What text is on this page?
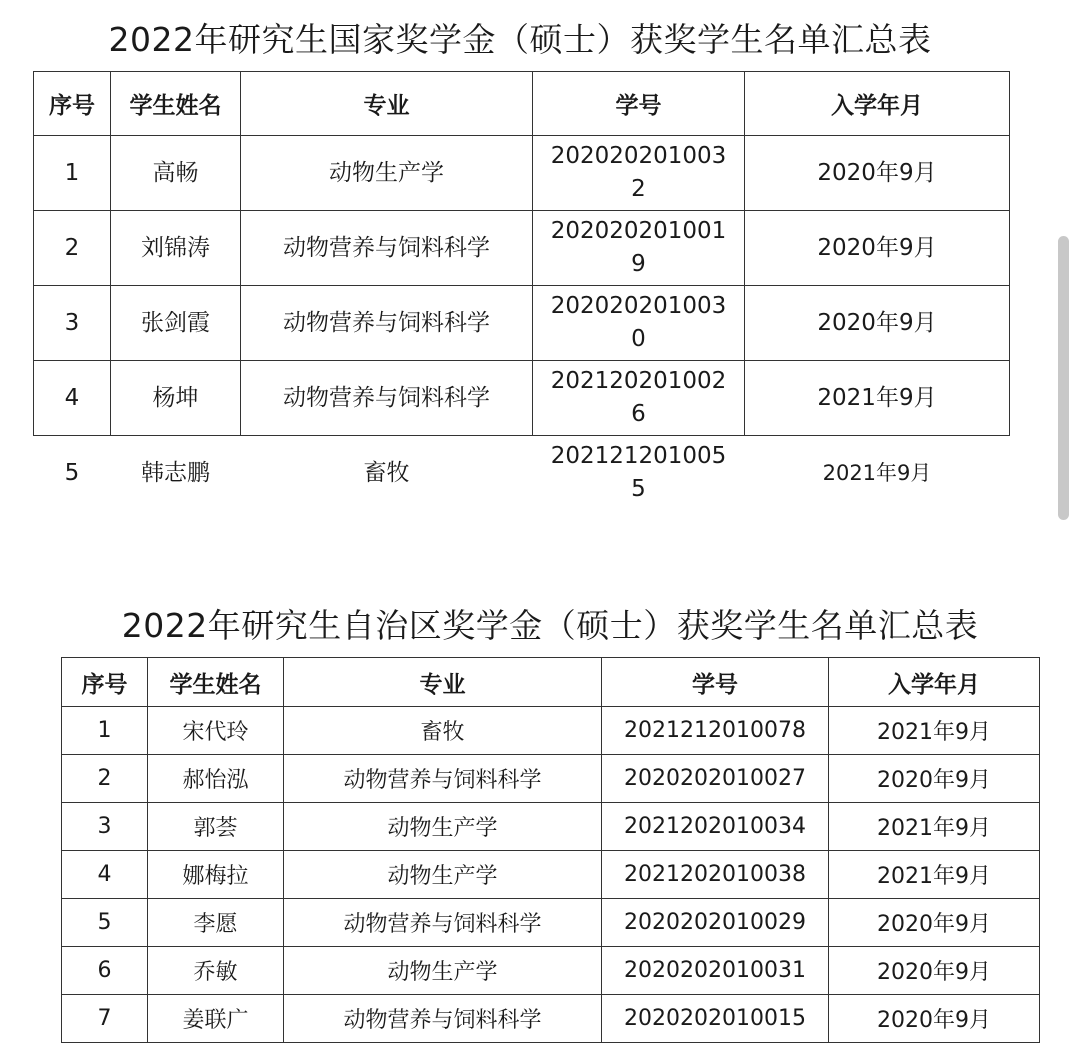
2022年研究生国家奖学金（硕士）获奖学生名单汇总表
序号	学生姓名	专业	学号	入学年月
1	高畅	动物生产学	2020202010032	2020年9月
2	刘锦涛	动物营养与饲料科学	2020202010019	2020年9月
3	张剑霞	动物营养与饲料科学	2020202010030	2020年9月
4	杨坤	动物营养与饲料科学	2021202010026	2021年9月
5	韩志鹏	畜牧	2021212010055	2021年9月
2022年研究生自治区奖学金（硕士）获奖学生名单汇总表
序号	学生姓名	专业	学号	入学年月
1	宋代玲	畜牧	2021212010078	2021年9月
2	郝怡泓	动物营养与饲料科学	2020202010027	2020年9月
3	郭荟	动物生产学	2021202010034	2021年9月
4	娜梅拉	动物生产学	2021202010038	2021年9月
5	李愿	动物营养与饲料科学	2020202010029	2020年9月
6	乔敏	动物生产学	2020202010031	2020年9月
7	姜联广	动物营养与饲料科学	2020202010015	2020年9月
